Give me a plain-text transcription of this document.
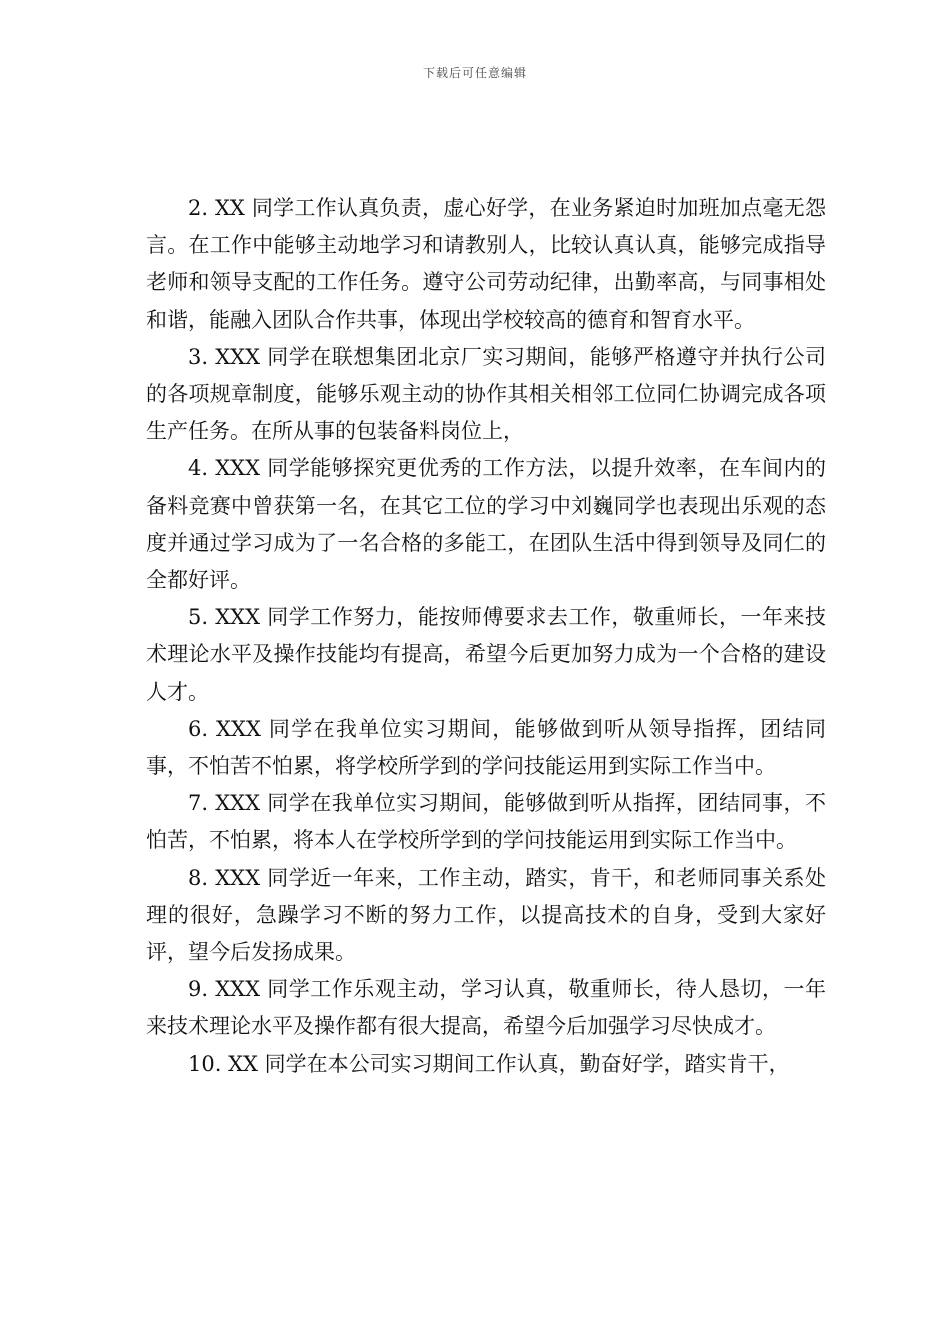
下载后可任意编辑

2. XX 同学工作认真负责，虚心好学，在业务紧迫时加班加点毫无怨言。在工作中能够主动地学习和请教别人，比较认真认真，能够完成指导老师和领导支配的工作任务。遵守公司劳动纪律，出勤率高，与同事相处和谐，能融入团队合作共事，体现出学校较高的德育和智育水平。

3. XXX 同学在联想集团北京厂实习期间，能够严格遵守并执行公司的各项规章制度，能够乐观主动的协作其相关相邻工位同仁协调完成各项生产任务。在所从事的包装备料岗位上，

4. XXX 同学能够探究更优秀的工作方法，以提升效率，在车间内的备料竞赛中曾获第一名，在其它工位的学习中刘巍同学也表现出乐观的态度并通过学习成为了一名合格的多能工，在团队生活中得到领导及同仁的全都好评。

5. XXX 同学工作努力，能按师傅要求去工作，敬重师长，一年来技术理论水平及操作技能均有提高，希望今后更加努力成为一个合格的建设人才。

6. XXX 同学在我单位实习期间，能够做到听从领导指挥，团结同事，不怕苦不怕累，将学校所学到的学问技能运用到实际工作当中。

7. XXX 同学在我单位实习期间，能够做到听从指挥，团结同事，不怕苦，不怕累，将本人在学校所学到的学问技能运用到实际工作当中。

8. XXX 同学近一年来，工作主动，踏实，肯干，和老师同事关系处理的很好，急躁学习不断的努力工作，以提高技术的自身，受到大家好评，望今后发扬成果。

9. XXX 同学工作乐观主动，学习认真，敬重师长，待人恳切，一年来技术理论水平及操作都有很大提高，希望今后加强学习尽快成才。

10. XX 同学在本公司实习期间工作认真，勤奋好学，踏实肯干，
